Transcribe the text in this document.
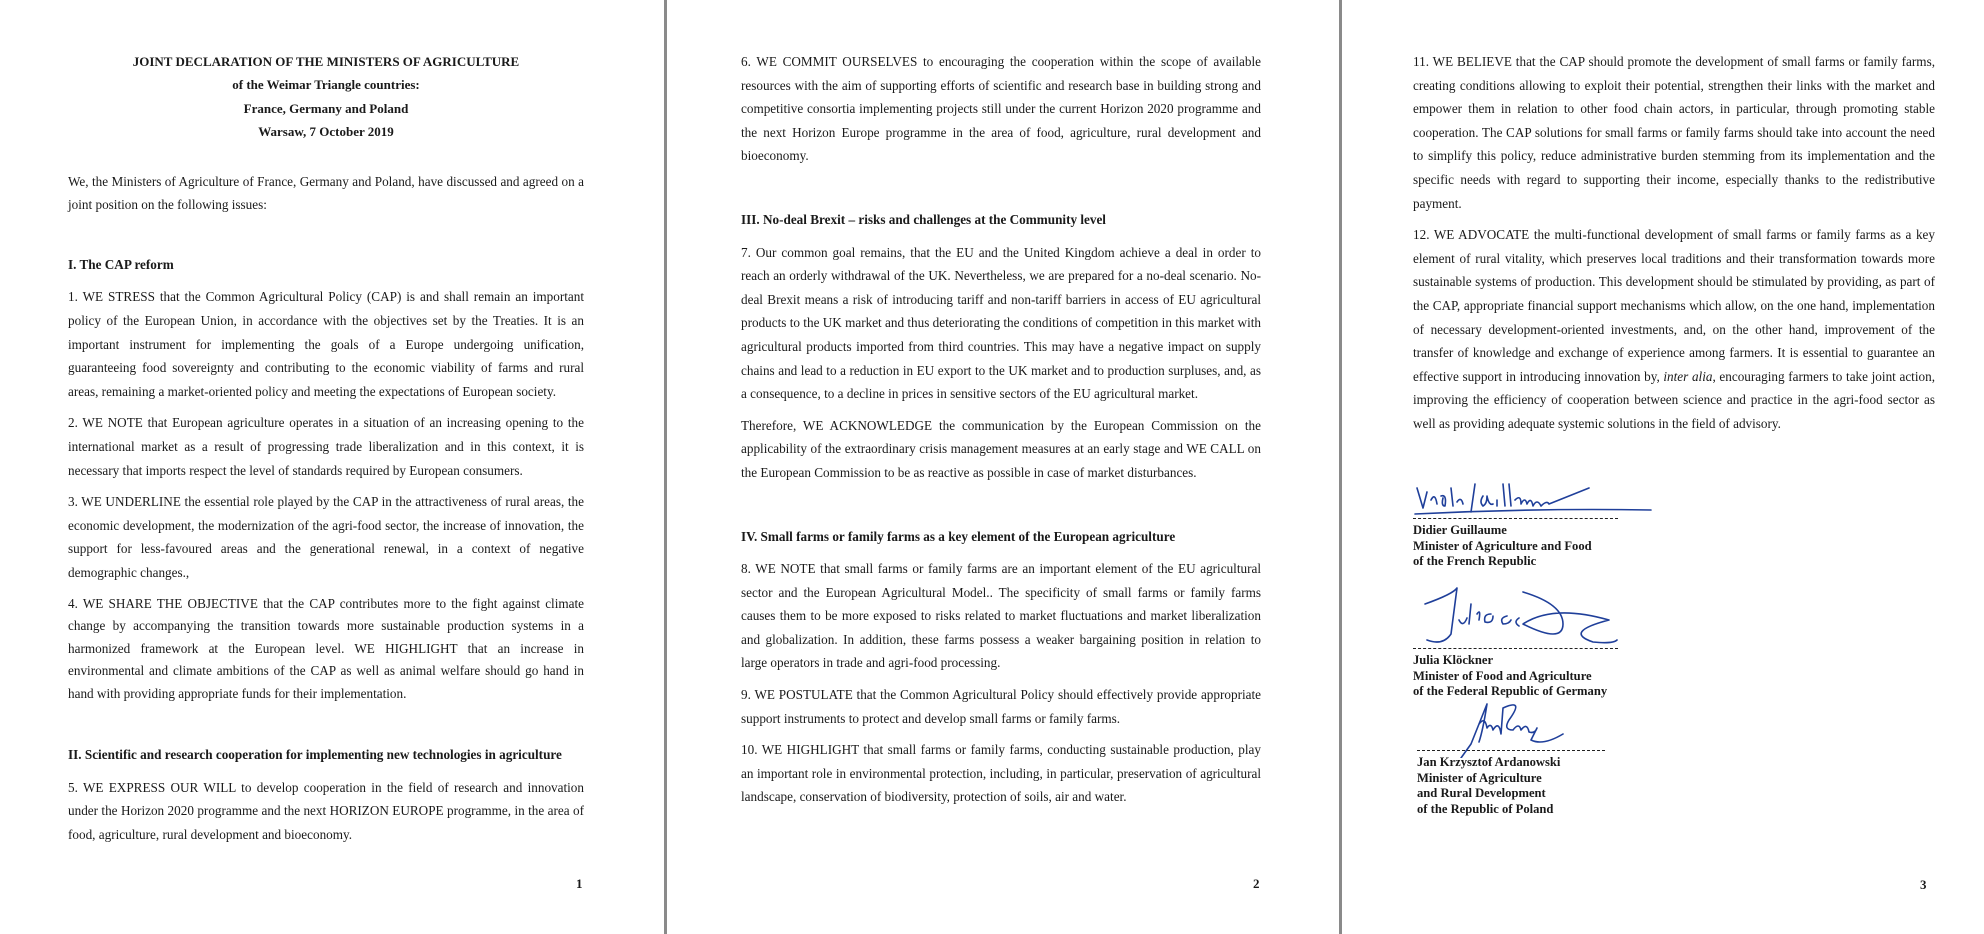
JOINT DECLARATION OF THE MINISTERS OF AGRICULTURE
of the Weimar Triangle countries:
France, Germany and Poland
Warsaw, 7 October 2019

We, the Ministers of Agriculture of France, Germany and Poland, have discussed and agreed on a joint position on the following issues:

I. The CAP reform

1. WE STRESS that the Common Agricultural Policy (CAP) is and shall remain an important policy of the European Union, in accordance with the objectives set by the Treaties. It is an important instrument for implementing the goals of a Europe undergoing unification, guaranteeing food sovereignty and contributing to the economic viability of farms and rural areas, remaining a market-oriented policy and meeting the expectations of European society.

2. WE NOTE that European agriculture operates in a situation of an increasing opening to the international market as a result of progressing trade liberalization and in this context, it is necessary that imports respect the level of standards required by European consumers.

3. WE UNDERLINE the essential role played by the CAP in the attractiveness of rural areas, the economic development, the modernization of the agri-food sector, the increase of innovation, the support for less-favoured areas and the generational renewal, in a context of negative demographic changes.,

4. WE SHARE THE OBJECTIVE that the CAP contributes more to the fight against climate change by accompanying the transition towards more sustainable production systems in a harmonized framework at the European level. WE HIGHLIGHT that an increase in environmental and climate ambitions of the CAP as well as animal welfare should go hand in hand with providing appropriate funds for their implementation.

II. Scientific and research cooperation for implementing new technologies in agriculture

5. WE EXPRESS OUR WILL to develop cooperation in the field of research and innovation under the Horizon 2020 programme and the next HORIZON EUROPE programme, in the area of food, agriculture, rural development and bioeconomy.

1

6. WE COMMIT OURSELVES to encouraging the cooperation within the scope of available resources with the aim of supporting efforts of scientific and research base in building strong and competitive consortia implementing projects still under the current Horizon 2020 programme and the next Horizon Europe programme in the area of food, agriculture, rural development and bioeconomy.

III. No-deal Brexit – risks and challenges at the Community level

7. Our common goal remains, that the EU and the United Kingdom achieve a deal in order to reach an orderly withdrawal of the UK. Nevertheless, we are prepared for a no-deal scenario. No-deal Brexit means a risk of introducing tariff and non-tariff barriers in access of EU agricultural products to the UK market and thus deteriorating the conditions of competition in this market with agricultural products imported from third countries. This may have a negative impact on supply chains and lead to a reduction in EU export to the UK market and to production surpluses, and, as a consequence, to a decline in prices in sensitive sectors of the EU agricultural market.

Therefore, WE ACKNOWLEDGE the communication by the European Commission on the applicability of the extraordinary crisis management measures at an early stage and WE CALL on the European Commission to be as reactive as possible in case of market disturbances.

IV. Small farms or family farms as a key element of the European agriculture

8. WE NOTE that small farms or family farms are an important element of the EU agricultural sector and the European Agricultural Model.. The specificity of small farms or family farms causes them to be more exposed to risks related to market fluctuations and market liberalization and globalization. In addition, these farms possess a weaker bargaining position in relation to large operators in trade and agri-food processing.

9. WE POSTULATE that the Common Agricultural Policy should effectively provide appropriate support instruments to protect and develop small farms or family farms.

10. WE HIGHLIGHT that small farms or family farms, conducting sustainable production, play an important role in environmental protection, including, in particular, preservation of agricultural landscape, conservation of biodiversity, protection of soils, air and water.

2

11. WE BELIEVE that the CAP should promote the development of small farms or family farms, creating conditions allowing to exploit their potential, strengthen their links with the market and empower them in relation to other food chain actors, in particular, through promoting stable cooperation. The CAP solutions for small farms or family farms should take into account the need to simplify this policy, reduce administrative burden stemming from its implementation and the specific needs with regard to supporting their income, especially thanks to the redistributive payment.

12. WE ADVOCATE the multi-functional development of small farms or family farms as a key element of rural vitality, which preserves local traditions and their transformation towards more sustainable systems of production. This development should be stimulated by providing, as part of the CAP, appropriate financial support mechanisms which allow, on the one hand, implementation of necessary development-oriented investments, and, on the other hand, improvement of the transfer of knowledge and exchange of experience among farmers. It is essential to guarantee an effective support in introducing innovation by, inter alia, encouraging farmers to take joint action, improving the efficiency of cooperation between science and practice in the agri-food sector as well as providing adequate systemic solutions in the field of advisory.

Didier Guillaume
Minister of Agriculture and Food
of the French Republic
Julia Klöckner
Minister of Food and Agriculture
of the Federal Republic of Germany
Jan Krzysztof Ardanowski
Minister of Agriculture
and Rural Development
of the Republic of Poland
3
